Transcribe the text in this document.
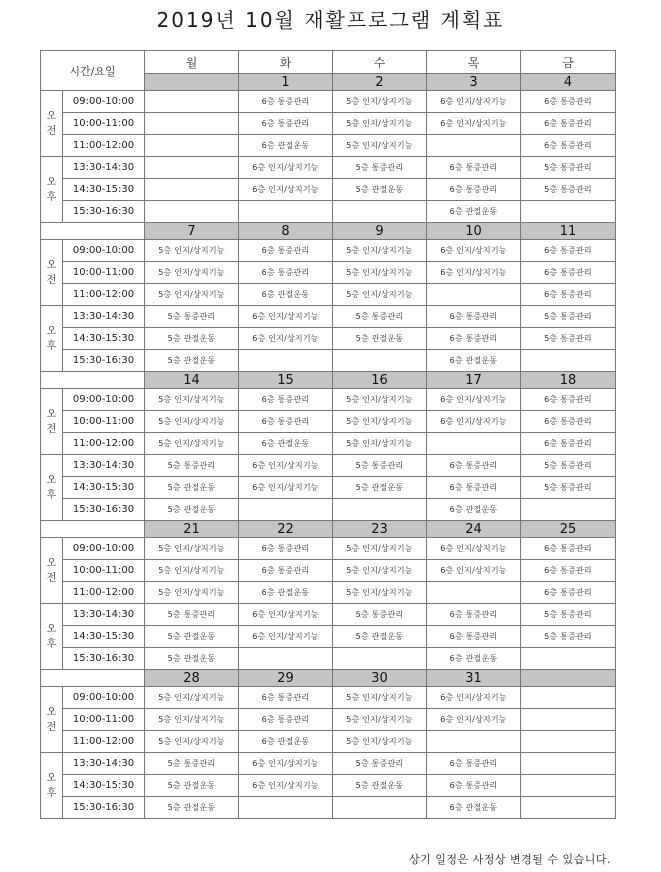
2019년 10월 재활프로그램 계획표
시간/요일		월	화	수	목	금
			1	2	3	4
오
전	09:00-10:00		6층 통증관리	5층 인지/상지기능	6층 인지/상지기능	6층 통증관리
	10:00-11:00		6층 통증관리	5층 인지/상지기능	6층 인지/상지기능	6층 통증관리
	11:00-12:00		6층 관절운동	5층 인지/상지기능		6층 통증관리
오
후	13:30-14:30		6층 인지/상지기능	5층 통증관리	6층 통증관리	5층 통증관리
	14:30-15:30		6층 인지/상지기능	5층 관절운동	6층 통증관리	5층 통증관리
	15:30-16:30				6층 관절운동	
		7	8	9	10	11
오
전	09:00-10:00	5층 인지/상지기능	6층 통증관리	5층 인지/상지기능	6층 인지/상지기능	6층 통증관리
	10:00-11:00	5층 인지/상지기능	6층 통증관리	5층 인지/상지기능	6층 인지/상지기능	6층 통증관리
	11:00-12:00	5층 인지/상지기능	6층 관절운동	5층 인지/상지기능		6층 통증관리
오
후	13:30-14:30	5층 통증관리	6층 인지/상지기능	5층 통증관리	6층 통증관리	5층 통증관리
	14:30-15:30	5층 관절운동	6층 인지/상지기능	5층 관절운동	6층 통증관리	5층 통증관리
	15:30-16:30	5층 관절운동			6층 관절운동	
		14	15	16	17	18
오
전	09:00-10:00	5층 인지/상지기능	6층 통증관리	5층 인지/상지기능	6층 인지/상지기능	6층 통증관리
	10:00-11:00	5층 인지/상지기능	6층 통증관리	5층 인지/상지기능	6층 인지/상지기능	6층 통증관리
	11:00-12:00	5층 인지/상지기능	6층 관절운동	5층 인지/상지기능		6층 통증관리
오
후	13:30-14:30	5층 통증관리	6층 인지/상지기능	5층 통증관리	6층 통증관리	5층 통증관리
	14:30-15:30	5층 관절운동	6층 인지/상지기능	5층 관절운동	6층 통증관리	5층 통증관리
	15:30-16:30	5층 관절운동			6층 관절운동	
		21	22	23	24	25
오
전	09:00-10:00	5층 인지/상지기능	6층 통증관리	5층 인지/상지기능	6층 인지/상지기능	6층 통증관리
	10:00-11:00	5층 인지/상지기능	6층 통증관리	5층 인지/상지기능	6층 인지/상지기능	6층 통증관리
	11:00-12:00	5층 인지/상지기능	6층 관절운동	5층 인지/상지기능		6층 통증관리
오
후	13:30-14:30	5층 통증관리	6층 인지/상지기능	5층 통증관리	6층 통증관리	5층 통증관리
	14:30-15:30	5층 관절운동	6층 인지/상지기능	5층 관절운동	6층 통증관리	5층 통증관리
	15:30-16:30	5층 관절운동			6층 관절운동	
		28	29	30	31	
오
전	09:00-10:00	5층 인지/상지기능	6층 통증관리	5층 인지/상지기능	6층 인지/상지기능	
	10:00-11:00	5층 인지/상지기능	6층 통증관리	5층 인지/상지기능	6층 인지/상지기능	
	11:00-12:00	5층 인지/상지기능	6층 관절운동	5층 인지/상지기능		
오
후	13:30-14:30	5층 통증관리	6층 인지/상지기능	5층 통증관리	6층 통증관리	
	14:30-15:30	5층 관절운동	6층 인지/상지기능	5층 관절운동	6층 통증관리	
	15:30-16:30	5층 관절운동			6층 관절운동	
상기 일정은 사정상 변경될 수 있습니다.
